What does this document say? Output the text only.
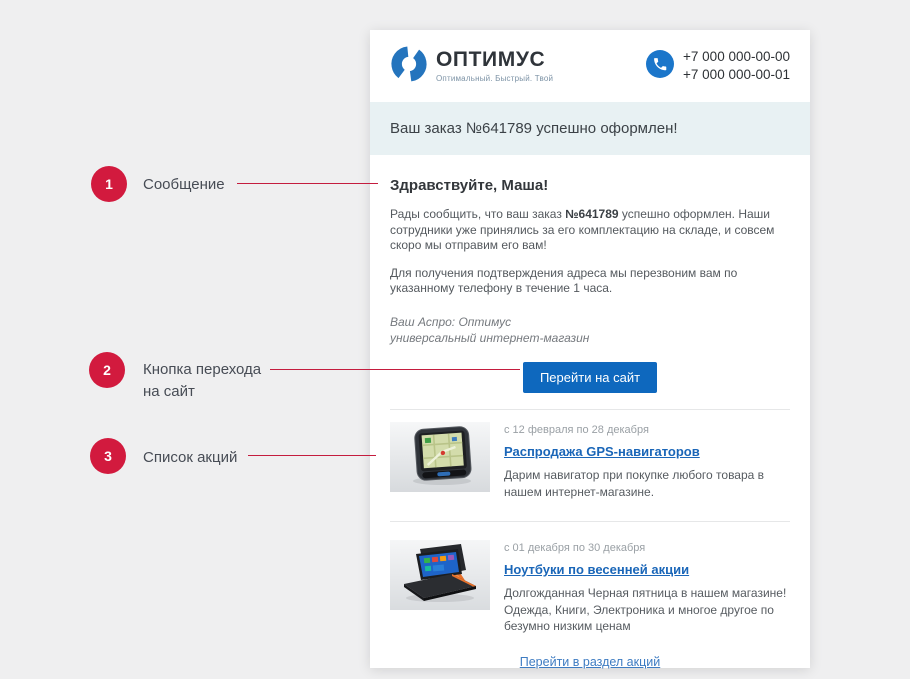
ОПТИМУС
Оптимальный. Быстрый. Твой
+7 000 000-00-00
+7 000 000-00-01
Ваш заказ №641789 успешно оформлен!

Здравствуйте, Маша!

Рады сообщить, что ваш заказ №641789 успешно оформлен. Наши сотрудники уже принялись за его комплектацию на складе, и совсем скоро мы отправим его вам!

Для получения подтверждения адреса мы перезвоним вам по указанному телефону в течение 1 часа.

Ваш Аспро: Оптимус
универсальный интернет-магазин

Перейти на сайт
с 12 февраля по 28 декабря
Распродажа GPS-навигаторов
Дарим навигатор при покупке любого товара в нашем интернет-магазине.
с 01 декабря по 30 декабря
Ноутбуки по весенней акции
Долгожданная Черная пятница в нашем магазине! Одежда, Книги, Электроника и многое другое по безумно низким ценам
Перейти в раздел акций
1	Сообщение
2	Кнопка перехода
на сайт
3	Список акций
